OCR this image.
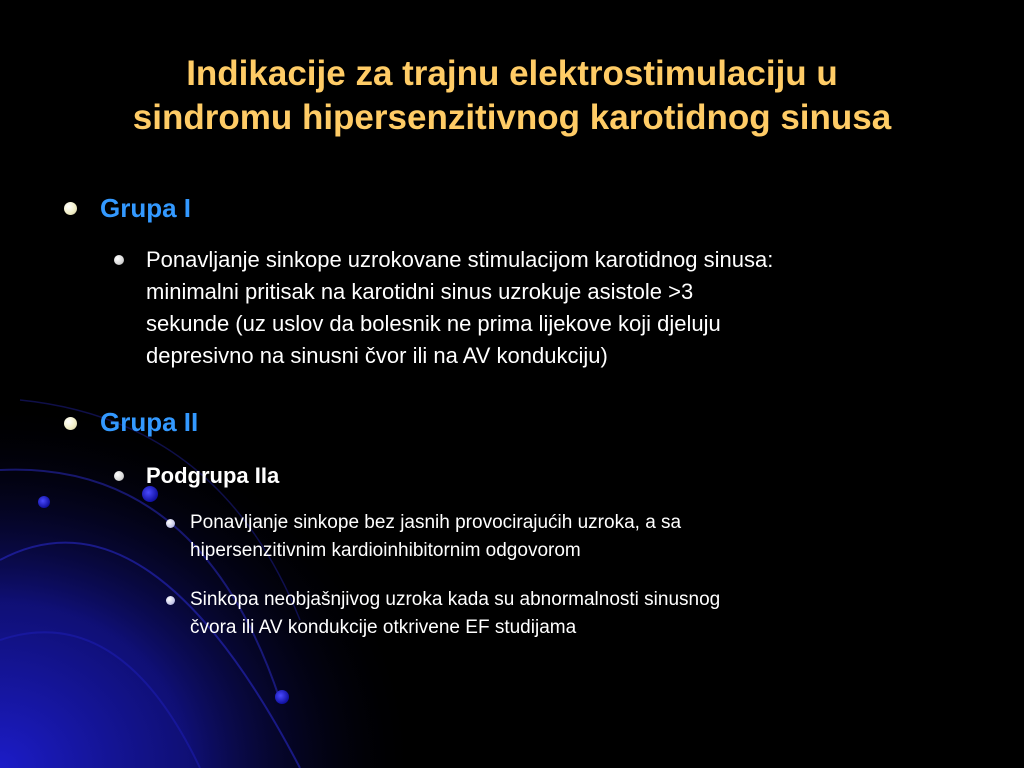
Indikacije za trajnu elektrostimulaciju u
sindromu hipersenzitivnog karotidnog sinusa
Grupa I
Ponavljanje sinkope uzrokovane stimulacijom karotidnog sinusa:
minimalni pritisak na karotidni sinus uzrokuje asistole >3
sekunde (uz uslov da bolesnik ne prima lijekove koji djeluju
depresivno na sinusni čvor ili na AV kondukciju)
Grupa II
Podgrupa IIa
Ponavljanje sinkope bez jasnih provocirajućih uzroka, a sa
hipersenzitivnim kardioinhibitornim odgovorom
Sinkopa neobjašnjivog uzroka kada su abnormalnosti sinusnog
čvora ili AV kondukcije otkrivene EF studijama
